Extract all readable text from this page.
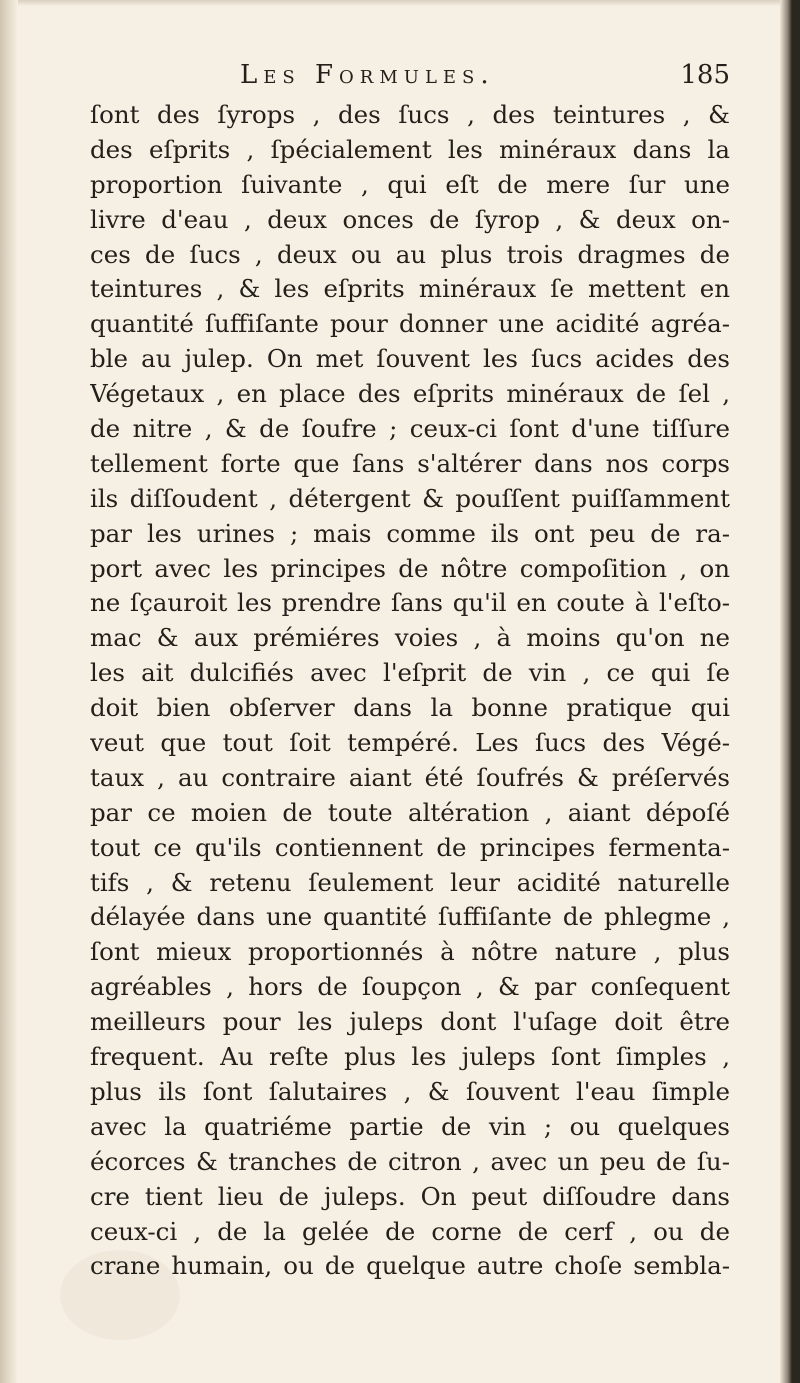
Les Formules.	185
ſont des ſyrops , des ſucs , des teintures , &
des eſprits , ſpécialement les minéraux dans la
proportion ſuivante , qui eſt de mere ſur une
livre d'eau , deux onces de ſyrop , & deux on-
ces de ſucs , deux ou au plus trois dragmes de
teintures , & les eſprits minéraux ſe mettent en
quantité ſuffiſante pour donner une acidité agréa-
ble au julep. On met ſouvent les ſucs acides des
Végetaux , en place des eſprits minéraux de ſel ,
de nitre , & de ſoufre ; ceux-ci ſont d'une tiſſure
tellement forte que ſans s'altérer dans nos corps
ils diſſoudent , détergent & pouſſent puiſſamment
par les urines ; mais comme ils ont peu de ra-
port avec les principes de nôtre compoſition , on
ne ſçauroit les prendre ſans qu'il en coute à l'eſto-
mac & aux prémiéres voies , à moins qu'on ne
les ait dulcifiés avec l'eſprit de vin , ce qui ſe
doit bien obſerver dans la bonne pratique qui
veut que tout ſoit tempéré. Les ſucs des Végé-
taux , au contraire aiant été ſoufrés & préſervés
par ce moien de toute altération , aiant dépoſé
tout ce qu'ils contiennent de principes fermenta-
tifs , & retenu ſeulement leur acidité naturelle
délayée dans une quantité ſuffiſante de phlegme ,
ſont mieux proportionnés à nôtre nature , plus
agréables , hors de ſoupçon , & par conſequent
meilleurs pour les juleps dont l'uſage doit être
frequent. Au reſte plus les juleps ſont ſimples ,
plus ils ſont ſalutaires , & ſouvent l'eau ſimple
avec la quatriéme partie de vin ; ou quelques
écorces & tranches de citron , avec un peu de ſu-
cre tient lieu de juleps. On peut diſſoudre dans
ceux-ci , de la gelée de corne de cerf , ou de
crane humain, ou de quelque autre choſe sembla-
